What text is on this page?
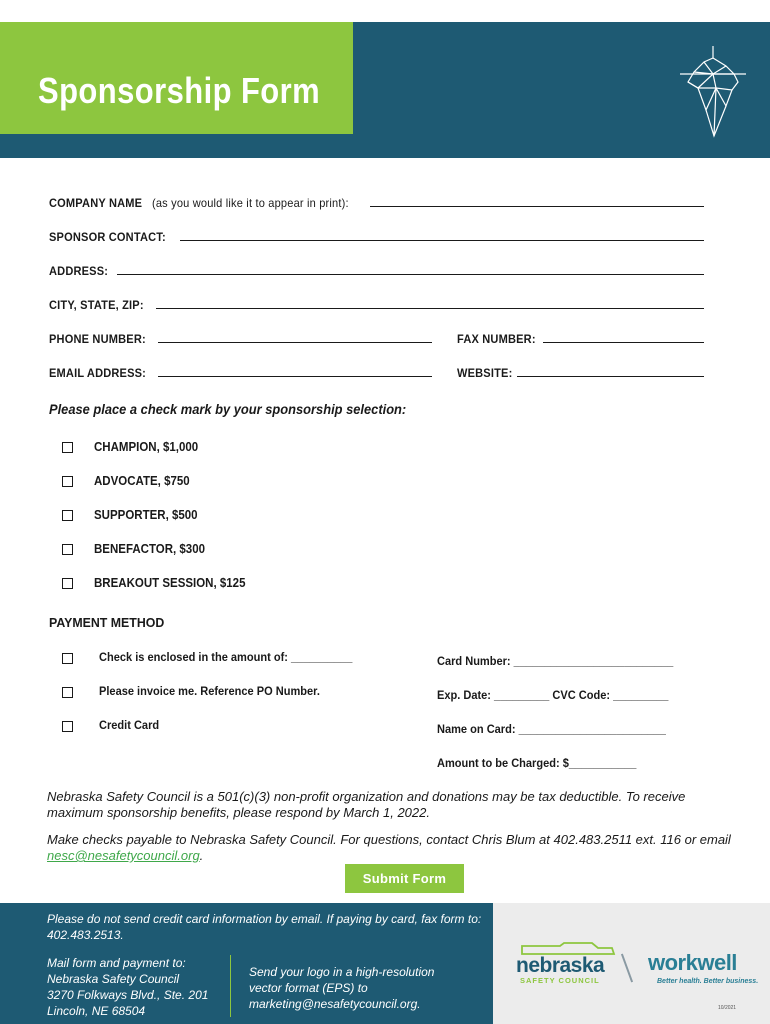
Sponsorship Form
COMPANY NAME (as you would like it to appear in print):
SPONSOR CONTACT:
ADDRESS:
CITY, STATE, ZIP:
PHONE NUMBER:	FAX NUMBER:
EMAIL ADDRESS:	WEBSITE:
Please place a check mark by your sponsorship selection:
CHAMPION, $1,000
ADVOCATE, $750
SUPPORTER, $500
BENEFACTOR, $300
BREAKOUT SESSION, $125
PAYMENT METHOD
Check is enclosed in the amount of: __________
Please invoice me. Reference PO Number.
Credit Card
Card Number: __________________________
Exp. Date: _________ CVC Code: _________
Name on Card: ________________________
Amount to be Charged: $___________
Nebraska Safety Council is a 501(c)(3) non-profit organization and donations may be tax deductible. To receive maximum sponsorship benefits, please respond by March 1, 2022.
Make checks payable to Nebraska Safety Council. For questions, contact Chris Blum at 402.483.2511 ext. 116 or email nesc@nesafetycouncil.org.
Submit Form
Please do not send credit card information by email. If paying by card, fax form to: 402.483.2513.
Mail form and payment to:
Nebraska Safety Council
3270 Folkways Blvd., Ste. 201
Lincoln, NE 68504
Send your logo in a high-resolution
vector format (EPS) to
marketing@nesafetycouncil.org.
nebraska
SAFETY COUNCIL
workwell
Better health. Better business.
10/2021
